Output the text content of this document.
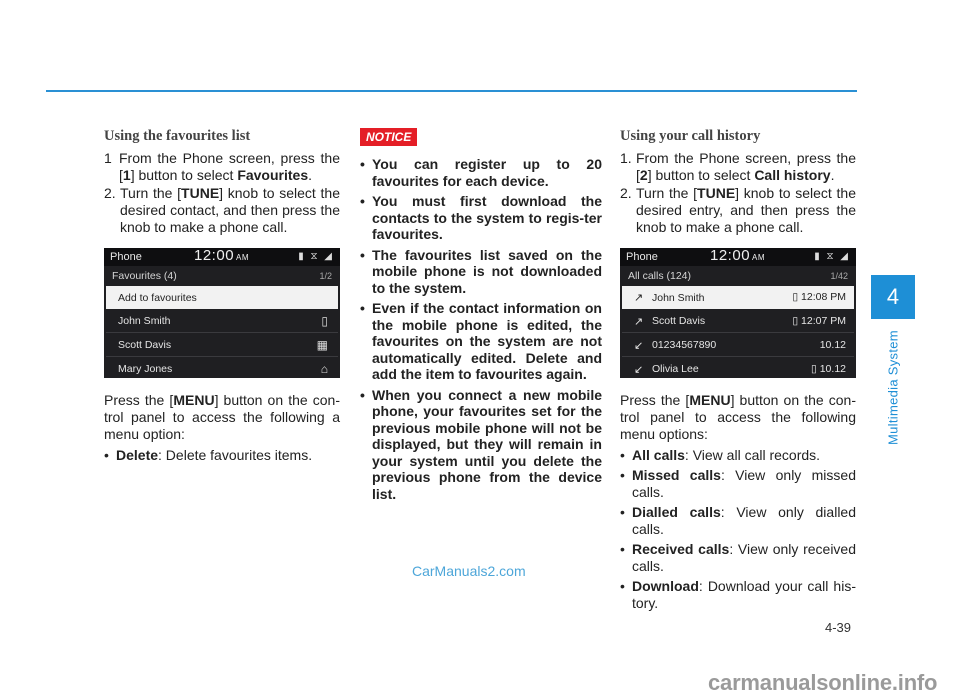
4
Multimedia System
Using the favourites list
1 From the Phone screen, press the [1] button to select Favourites.
2. Turn the [TUNE] knob to select the desired contact, and then press the knob to make a phone call.
Phone	12:00 AM	▮ ⧖ ◢
Favourites (4)	1/2
Add to favourites
John Smith	▯
Scott Davis	▦
Mary Jones	⌂
Press the [MENU] button on the con-trol panel to access the following a menu option:
• Delete: Delete favourites items.
NOTICE
• You can register up to 20 favourites for each device.
• You must first download the contacts to the system to regis-ter favourites.
• The favourites list saved on the mobile phone is not downloaded to the system.
• Even if the contact information on the mobile phone is edited, the favourites on the system are not automatically edited. Delete and add the item to favourites again.
• When you connect a new mobile phone, your favourites set for the previous mobile phone will not be displayed, but they will remain in your system until you delete the previous phone from the device list.
Using your call history
1. From the Phone screen, press the [2] button to select Call history.
2. Turn the [TUNE] knob to select the desired entry, and then press the knob to make a phone call.
Phone	12:00 AM	▮ ⧖ ◢
All calls (124)	1/42
↗ John Smith	▯ 12:08 PM
↗ Scott Davis	▯ 12:07 PM
↙ 01234567890	10.12
↙ Olivia Lee	▯ 10.12
Press the [MENU] button on the con-trol panel to access the following menu options:
• All calls: View all call records.
• Missed calls: View only missed calls.
• Dialled calls: View only dialled calls.
• Received calls: View only received calls.
• Download: Download your call his-tory.
CarManuals2.com
4-39
carmanualsonline.info
